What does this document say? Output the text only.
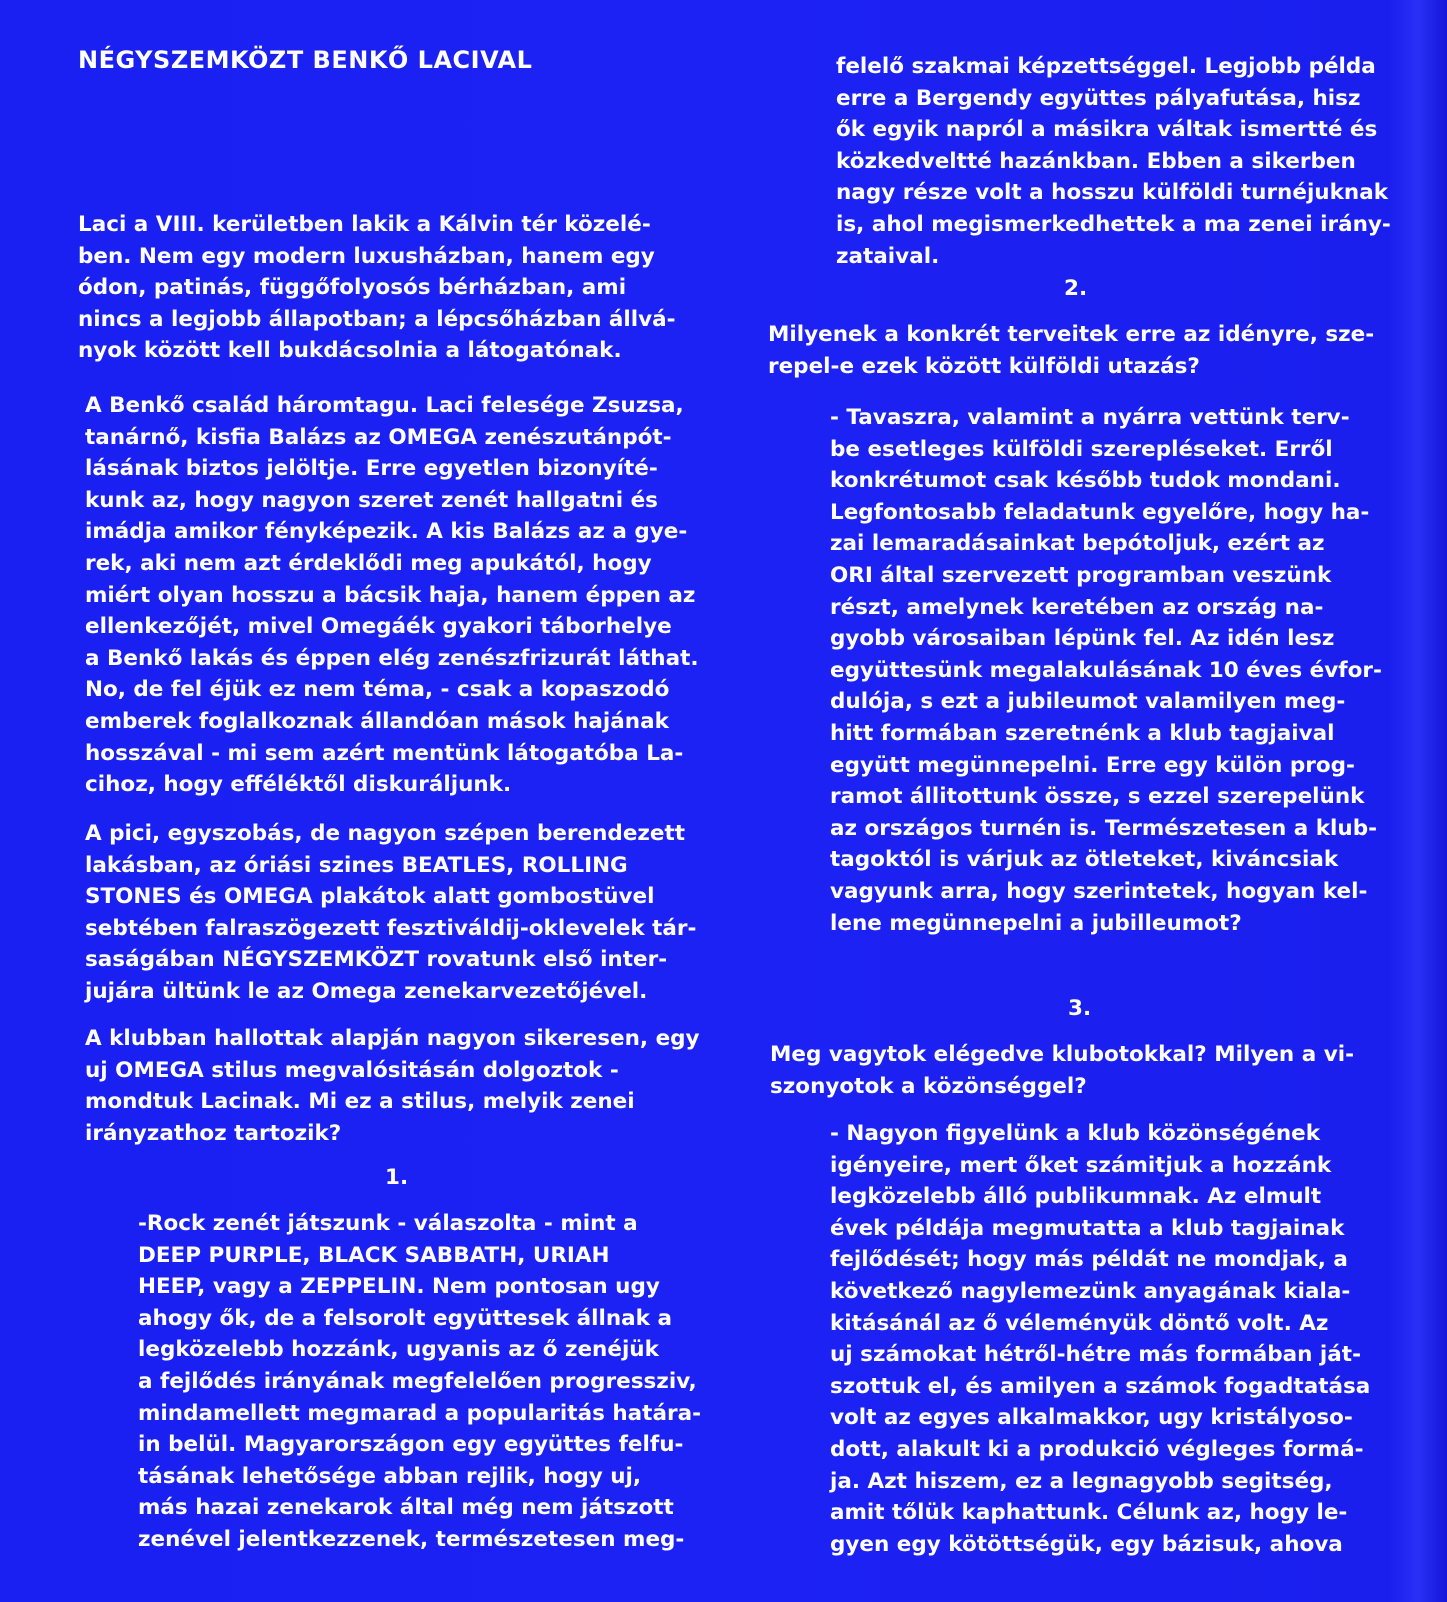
NÉGYSZEMKÖZT BENKŐ LACIVAL
Laci a VIII. kerületben lakik a Kálvin tér közelé-
ben. Nem egy modern luxusházban, hanem egy
ódon, patinás, függőfolyosós bérházban, ami
nincs a legjobb állapotban; a lépcsőházban állvá-
nyok között kell bukdácsolnia a látogatónak.
A Benkő család háromtagu. Laci felesége Zsuzsa,
tanárnő, kisfia Balázs az OMEGA zenészutánpót-
lásának biztos jelöltje. Erre egyetlen bizonyíté-
kunk az, hogy nagyon szeret zenét hallgatni és
imádja amikor fényképezik. A kis Balázs az a gye-
rek, aki nem azt érdeklődi meg apukától, hogy
miért olyan hosszu a bácsik haja, hanem éppen az
ellenkezőjét, mivel Omegáék gyakori táborhelye
a Benkő lakás és éppen elég zenészfrizurát láthat.
No, de fel éjük ez nem téma, - csak a kopaszodó
emberek foglalkoznak állandóan mások hajának
hosszával - mi sem azért mentünk látogatóba La-
cihoz, hogy efféléktől diskuráljunk.
A pici, egyszobás, de nagyon szépen berendezett
lakásban, az óriási szines BEATLES, ROLLING
STONES és OMEGA plakátok alatt gombostüvel
sebtében falraszögezett fesztiváldij-oklevelek tár-
saságában NÉGYSZEMKÖZT rovatunk első inter-
jujára ültünk le az Omega zenekarvezetőjével.
A klubban hallottak alapján nagyon sikeresen, egy
uj OMEGA stilus megvalósitásán dolgoztok -
mondtuk Lacinak. Mi ez a stilus, melyik zenei
irányzathoz tartozik?
1.
-Rock zenét játszunk - válaszolta - mint a
DEEP PURPLE, BLACK SABBATH, URIAH
HEEP, vagy a ZEPPELIN. Nem pontosan ugy
ahogy ők, de a felsorolt együttesek állnak a
legközelebb hozzánk, ugyanis az ő zenéjük
a fejlődés irányának megfelelően progressziv,
mindamellett megmarad a popularitás határa-
in belül. Magyarországon egy együttes felfu-
tásának lehetősége abban rejlik, hogy uj,
más hazai zenekarok által még nem játszott
zenével jelentkezzenek, természetesen meg-
felelő szakmai képzettséggel. Legjobb példa
erre a Bergendy együttes pályafutása, hisz
ők egyik napról a másikra váltak ismertté és
közkedveltté hazánkban. Ebben a sikerben
nagy része volt a hosszu külföldi turnéjuknak
is, ahol megismerkedhettek a ma zenei irány-
zataival.
2.
Milyenek a konkrét terveitek erre az idényre, sze-
repel-e ezek között külföldi utazás?
- Tavaszra, valamint a nyárra vettünk terv-
be esetleges külföldi szerepléseket. Erről
konkrétumot csak később tudok mondani.
Legfontosabb feladatunk egyelőre, hogy ha-
zai lemaradásainkat bepótoljuk, ezért az
ORI által szervezett programban veszünk
részt, amelynek keretében az ország na-
gyobb városaiban lépünk fel. Az idén lesz
együttesünk megalakulásának 10 éves évfor-
dulója, s ezt a jubileumot valamilyen meg-
hitt formában szeretnénk a klub tagjaival
együtt megünnepelni. Erre egy külön prog-
ramot állitottunk össze, s ezzel szerepelünk
az országos turnén is. Természetesen a klub-
tagoktól is várjuk az ötleteket, kiváncsiak
vagyunk arra, hogy szerintetek, hogyan kel-
lene megünnepelni a jubilleumot?
3.
Meg vagytok elégedve klubotokkal? Milyen a vi-
szonyotok a közönséggel?
- Nagyon figyelünk a klub közönségének
igényeire, mert őket számitjuk a hozzánk
legközelebb álló publikumnak. Az elmult
évek példája megmutatta a klub tagjainak
fejlődését; hogy más példát ne mondjak, a
következő nagylemezünk anyagának kiala-
kitásánál az ő véleményük döntő volt. Az
uj számokat hétről-hétre más formában ját-
szottuk el, és amilyen a számok fogadtatása
volt az egyes alkalmakkor, ugy kristályoso-
dott, alakult ki a produkció végleges formá-
ja. Azt hiszem, ez a legnagyobb segitség,
amit tőlük kaphattunk. Célunk az, hogy le-
gyen egy kötöttségük, egy bázisuk, ahova
